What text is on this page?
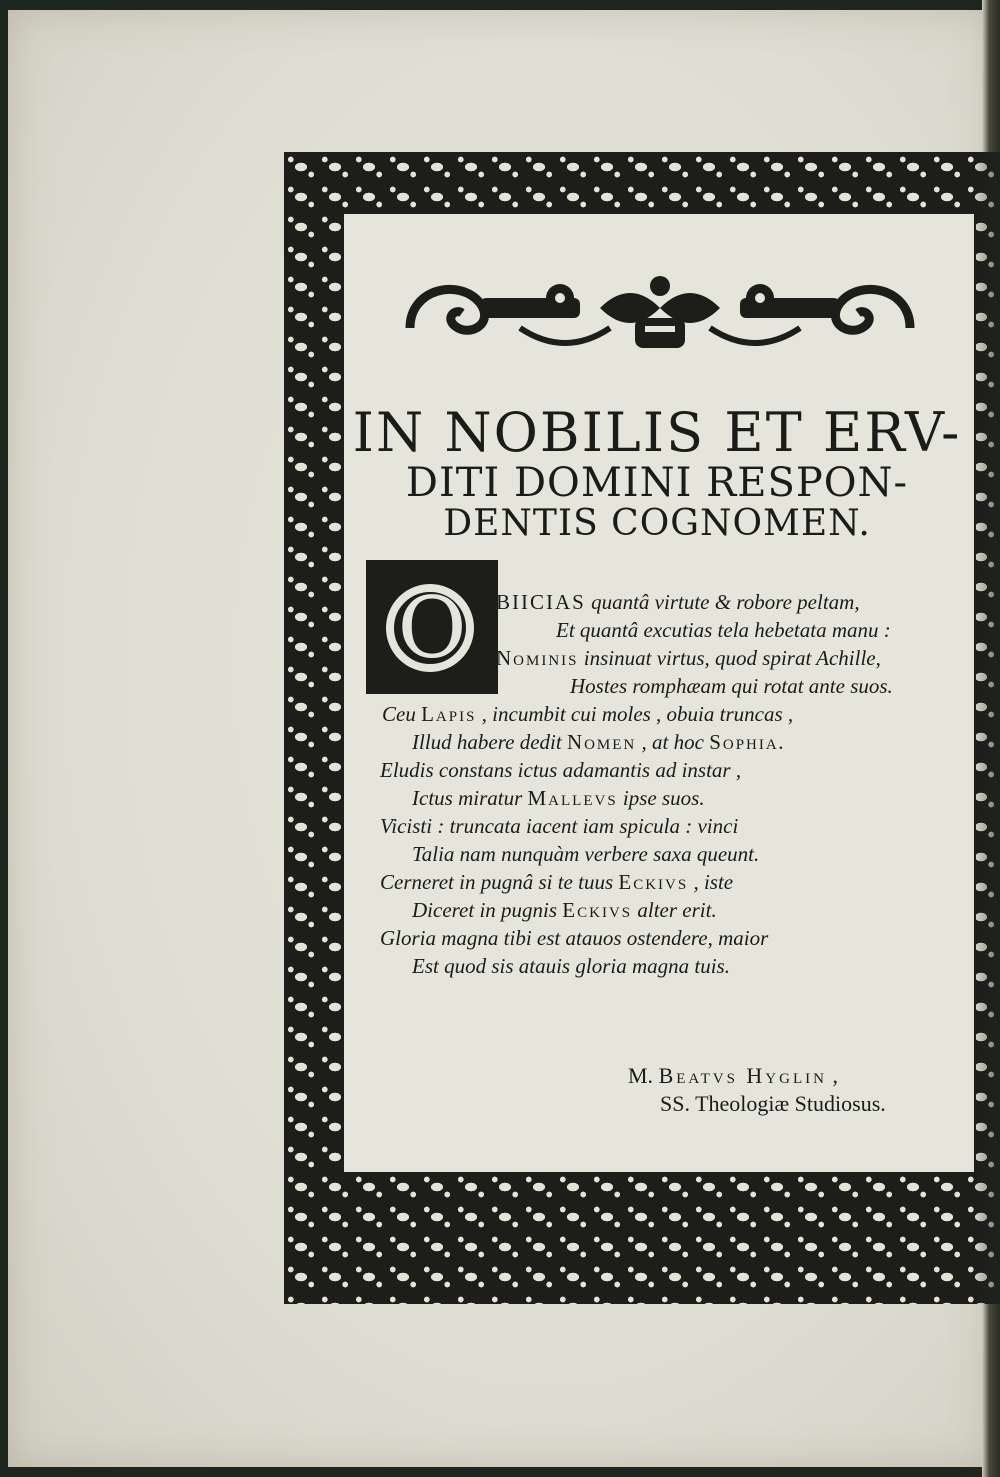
IN NOBILIS ET ERV-
DITI DOMINI RESPON-
DENTIS COGNOMEN.
O	BIICIAS quantâ virtute & robore peltam,
Et quantâ excutias tela hebetata manu :
Nominis insinuat virtus, quod spirat Achille,
Hostes romphæam qui rotat ante suos.
Ceu Lapis , incumbit cui moles , obuia truncas ,
Illud habere dedit Nomen , at hoc Sophia.
Eludis constans ictus adamantis ad instar ,
Ictus miratur Mallevs ipse suos.
Vicisti : truncata iacent iam spicula : vinci
Talia nam nunquàm verbere saxa queunt.
Cerneret in pugnâ si te tuus Eckivs , iste
Diceret in pugnis Eckivs alter erit.
Gloria magna tibi est atauos ostendere, maior
Est quod sis atauis gloria magna tuis.
M. Beatvs Hyglin ,
SS. Theologiæ Studiosus.
